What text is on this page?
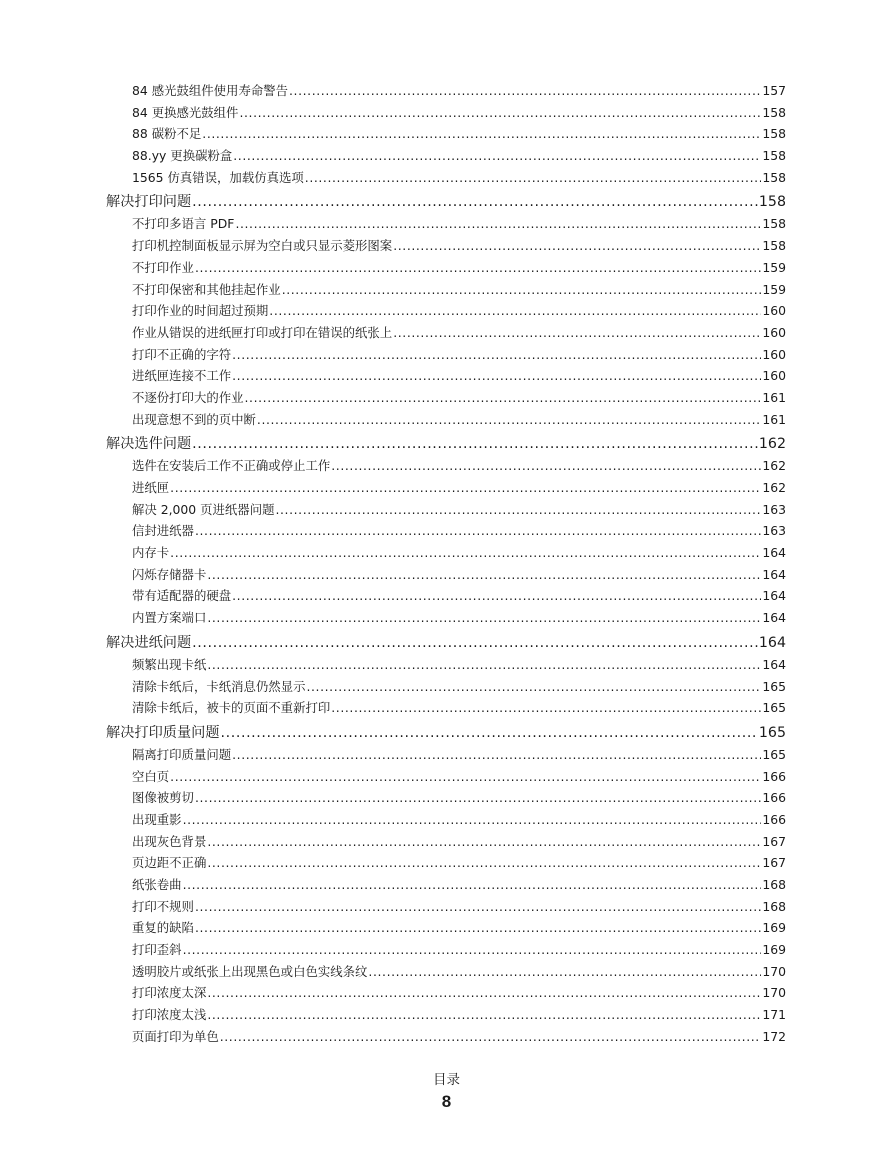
84 感光鼓组件使用寿命警告 .....	157
84 更换感光鼓组件 .....	158
88 碳粉不足 .....	158
88.yy 更换碳粉盒 .....	158
1565 仿真错误，加载仿真选项 .....	158
解决打印问题 .....	158
不打印多语言 PDF .....	158
打印机控制面板显示屏为空白或只显示菱形图案 .....	158
不打印作业 .....	159
不打印保密和其他挂起作业 .....	159
打印作业的时间超过预期 .....	160
作业从错误的进纸匣打印或打印在错误的纸张上 .....	160
打印不正确的字符 .....	160
进纸匣连接不工作 .....	160
不逐份打印大的作业 .....	161
出现意想不到的页中断 .....	161
解决选件问题 .....	162
选件在安装后工作不正确或停止工作 .....	162
进纸匣 .....	162
解决 2,000 页进纸器问题 .....	163
信封进纸器 .....	163
内存卡 .....	164
闪烁存储器卡 .....	164
带有适配器的硬盘 .....	164
内置方案端口 .....	164
解决进纸问题 .....	164
频繁出现卡纸 .....	164
清除卡纸后，卡纸消息仍然显示 .....	165
清除卡纸后，被卡的页面不重新打印 .....	165
解决打印质量问题 .....	165
隔离打印质量问题 .....	165
空白页 .....	166
图像被剪切 .....	166
出现重影 .....	166
出现灰色背景 .....	167
页边距不正确 .....	167
纸张卷曲 .....	168
打印不规则 .....	168
重复的缺陷 .....	169
打印歪斜 .....	169
透明胶片或纸张上出现黑色或白色实线条纹 .....	170
打印浓度太深 .....	170
打印浓度太浅 .....	171
页面打印为单色 .....	172
目录
8
